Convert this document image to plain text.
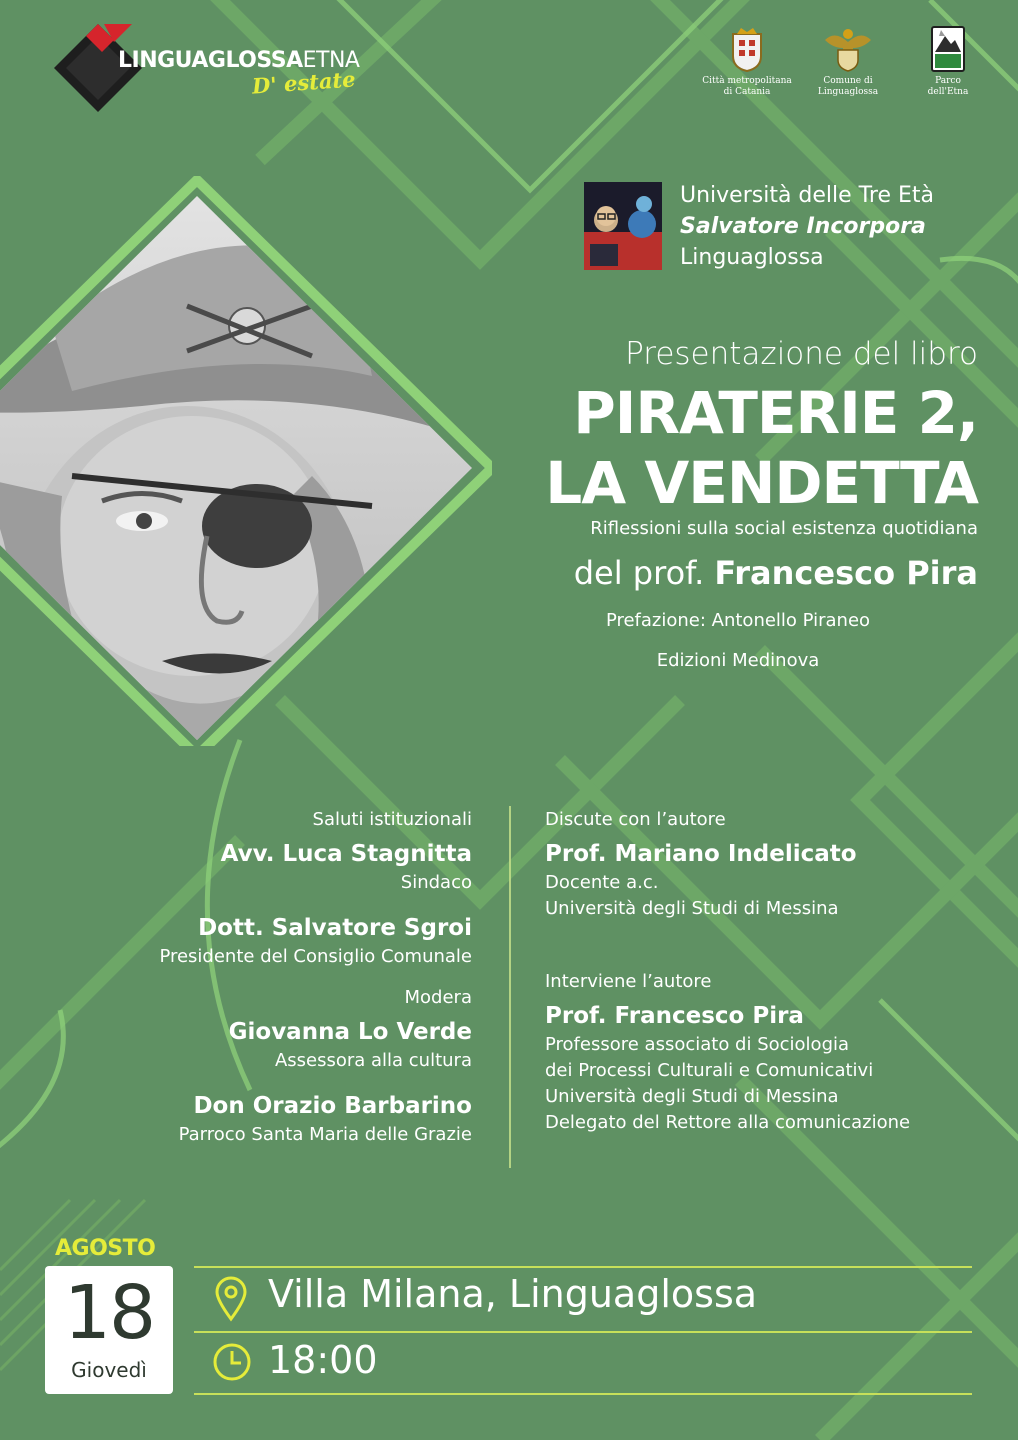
LINGUAGLOSSAETNA
D' estate	Città metropolitana
di Catania
Comune di
Linguaglossa
Parco
dell'Etna
Università delle Tre Età
Salvatore Incorpora
Linguaglossa
Presentazione del libro
PIRATERIE 2,
LA VENDETTA
Riflessioni sulla social esistenza quotidiana
del prof. Francesco Pira
Prefazione: Antonello Piraneo
Edizioni Medinova
Saluti istituzionali
Avv. Luca Stagnitta
Sindaco
Dott. Salvatore Sgroi
Presidente del Consiglio Comunale
Modera
Giovanna Lo Verde
Assessora alla cultura
Don Orazio Barbarino
Parroco Santa Maria delle Grazie
Discute con l’autore
Prof. Mariano Indelicato
Docente a.c.
Università degli Studi di Messina
Interviene l’autore
Prof. Francesco Pira
Professore associato di Sociologia
dei Processi Culturali e Comunicativi
Università degli Studi di Messina
Delegato del Rettore alla comunicazione
AGOSTO
18
Giovedì
Villa Milana, Linguaglossa
18:00
